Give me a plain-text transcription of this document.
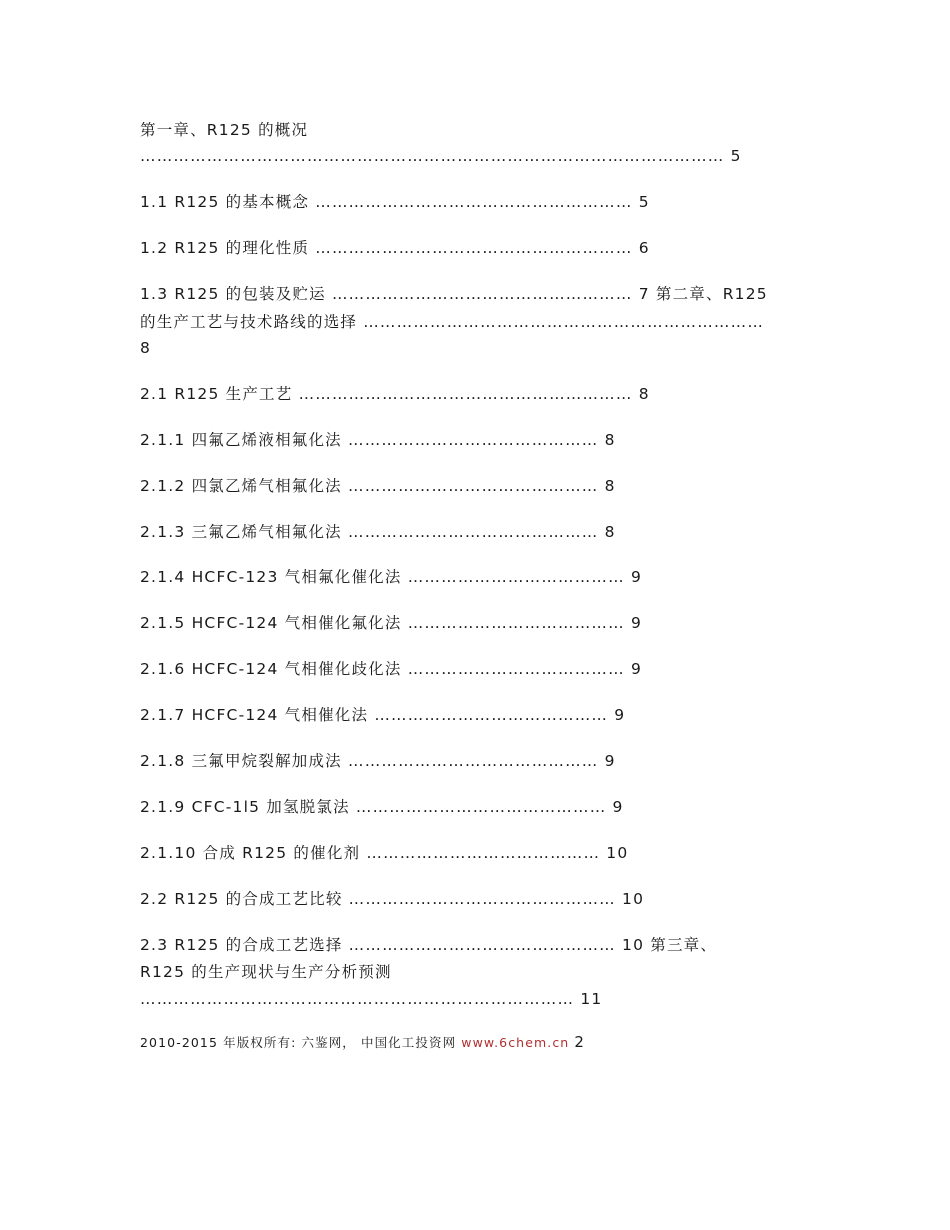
第一章、R125 的概况
…………………………………………………………………………………………… 5
1.1 R125 的基本概念 ………………………………………………… 5
1.2 R125 的理化性质 ………………………………………………… 6
1.3 R125 的包装及贮运 ……………………………………………… 7 第二章、R125
的生产工艺与技术路线的选择 ………………………………………………………………
8
2.1 R125 生产工艺 …………………………………………………… 8
2.1.1 四氟乙烯液相氟化法 ……………………………………… 8
2.1.2 四氯乙烯气相氟化法 ……………………………………… 8
2.1.3 三氟乙烯气相氟化法 ……………………………………… 8
2.1.4 HCFC-123 气相氟化催化法 ………………………………… 9
2.1.5 HCFC-124 气相催化氟化法 ………………………………… 9
2.1.6 HCFC-124 气相催化歧化法 ………………………………… 9
2.1.7 HCFC-124 气相催化法 …………………………………… 9
2.1.8 三氟甲烷裂解加成法 ……………………………………… 9
2.1.9 CFC-1l5 加氢脱氯法 ……………………………………… 9
2.1.10 合成 R125 的催化剂 …………………………………… 10
2.2 R125 的合成工艺比较 ………………………………………… 10
2.3 R125 的合成工艺选择 ………………………………………… 10 第三章、
R125 的生产现状与生产分析预测
…………………………………………………………………… 11
2010-2015 年版权所有: 六鉴网， 中国化工投资网 www.6chem.cn 2
